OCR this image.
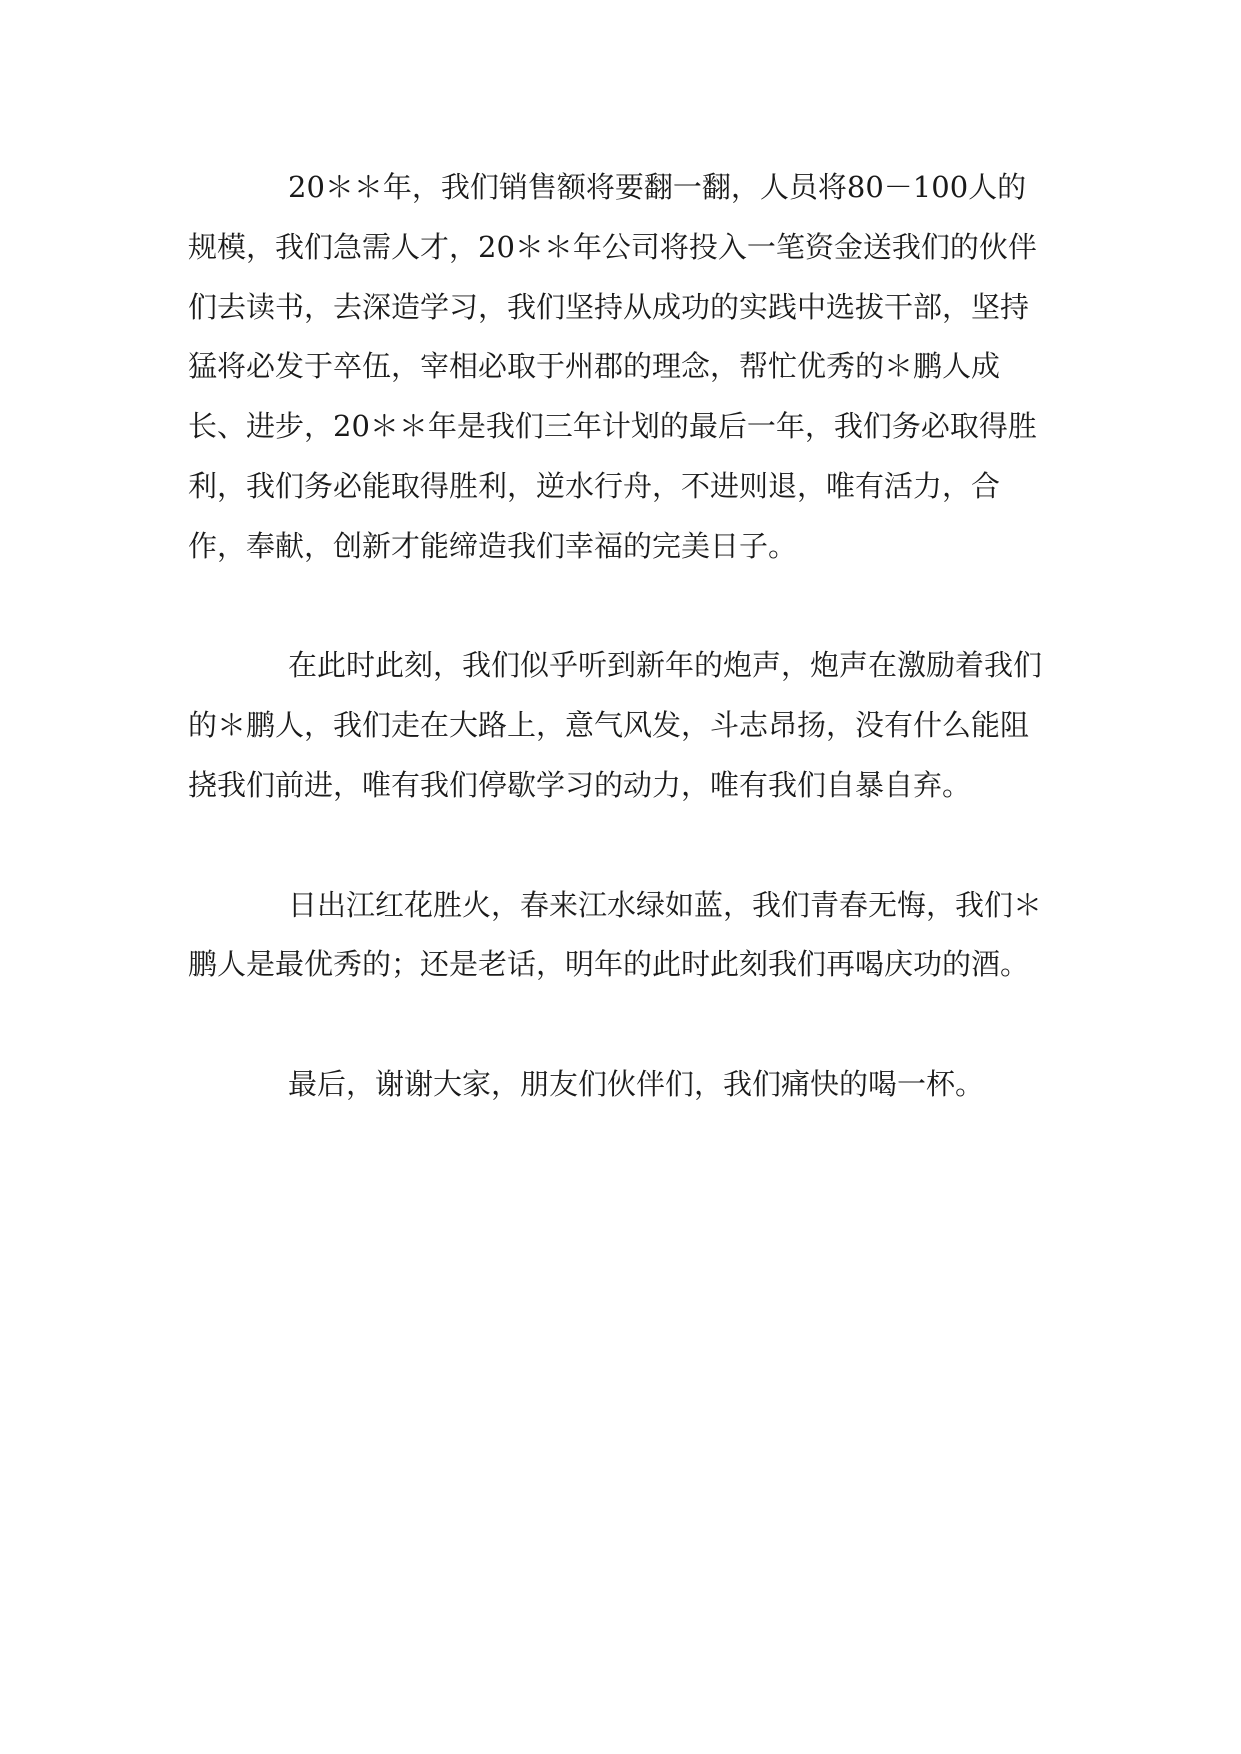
20＊＊年，我们销售额将要翻一翻，人员将80－100人的规模，我们急需人才，20＊＊年公司将投入一笔资金送我们的伙伴们去读书，去深造学习，我们坚持从成功的实践中选拔干部，坚持猛将必发于卒伍，宰相必取于州郡的理念，帮忙优秀的＊鹏人成长、进步，20＊＊年是我们三年计划的最后一年，我们务必取得胜利，我们务必能取得胜利，逆水行舟，不进则退，唯有活力，合作，奉献，创新才能缔造我们幸福的完美日子。

在此时此刻，我们似乎听到新年的炮声，炮声在激励着我们的＊鹏人，我们走在大路上，意气风发，斗志昂扬，没有什么能阻挠我们前进，唯有我们停歇学习的动力，唯有我们自暴自弃。

日出江红花胜火，春来江水绿如蓝，我们青春无悔，我们＊鹏人是最优秀的；还是老话，明年的此时此刻我们再喝庆功的酒。

最后，谢谢大家，朋友们伙伴们，我们痛快的喝一杯。
